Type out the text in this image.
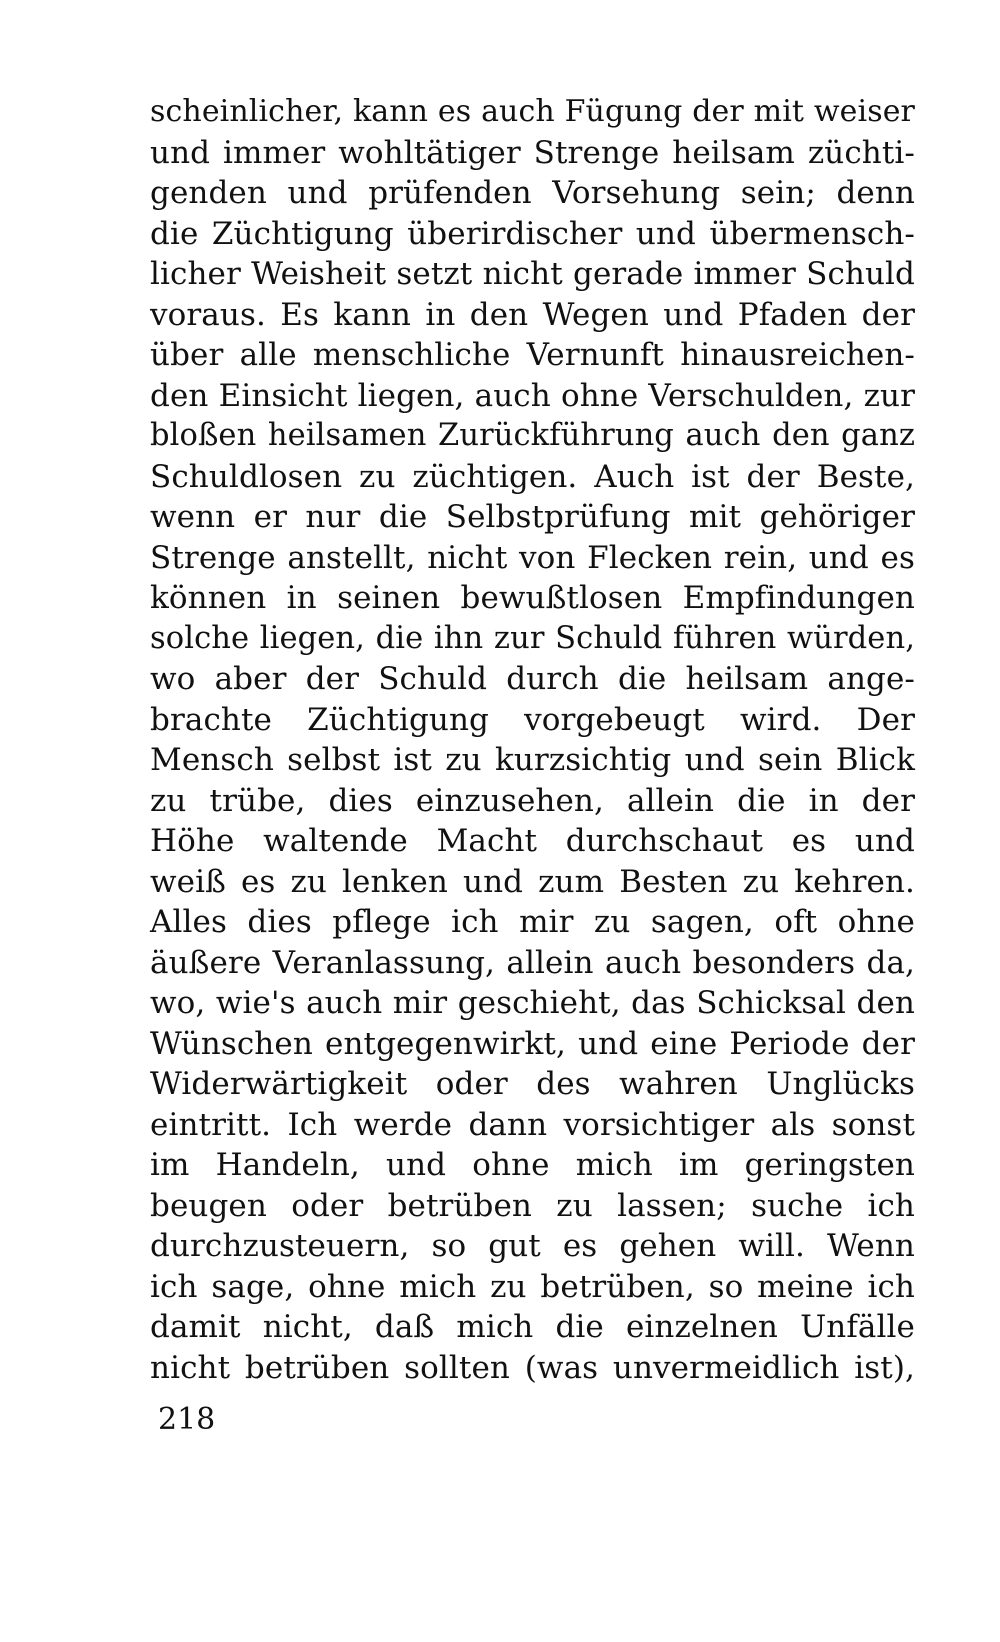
scheinlicher, kann es auch Fügung der mit weiser
und immer wohltätiger Strenge heilsam züchti-
genden und prüfenden Vorsehung sein; denn
die Züchtigung überirdischer und übermensch-
licher Weisheit setzt nicht gerade immer Schuld
voraus. Es kann in den Wegen und Pfaden der
über alle menschliche Vernunft hinausreichen-
den Einsicht liegen, auch ohne Verschulden, zur
bloßen heilsamen Zurückführung auch den ganz
Schuldlosen zu züchtigen. Auch ist der Beste,
wenn er nur die Selbstprüfung mit gehöriger
Strenge anstellt, nicht von Flecken rein, und es
können in seinen bewußtlosen Empfindungen
solche liegen, die ihn zur Schuld führen würden,
wo aber der Schuld durch die heilsam ange-
brachte Züchtigung vorgebeugt wird. Der
Mensch selbst ist zu kurzsichtig und sein Blick
zu trübe, dies einzusehen, allein die in der
Höhe waltende Macht durchschaut es und
weiß es zu lenken und zum Besten zu kehren.
Alles dies pflege ich mir zu sagen, oft ohne
äußere Veranlassung, allein auch besonders da,
wo, wie's auch mir geschieht, das Schicksal den
Wünschen entgegenwirkt, und eine Periode der
Widerwärtigkeit oder des wahren Unglücks
eintritt. Ich werde dann vorsichtiger als sonst
im Handeln, und ohne mich im geringsten
beugen oder betrüben zu lassen; suche ich
durchzusteuern, so gut es gehen will. Wenn
ich sage, ohne mich zu betrüben, so meine ich
damit nicht, daß mich die einzelnen Unfälle
nicht betrüben sollten (was unvermeidlich ist),
218
